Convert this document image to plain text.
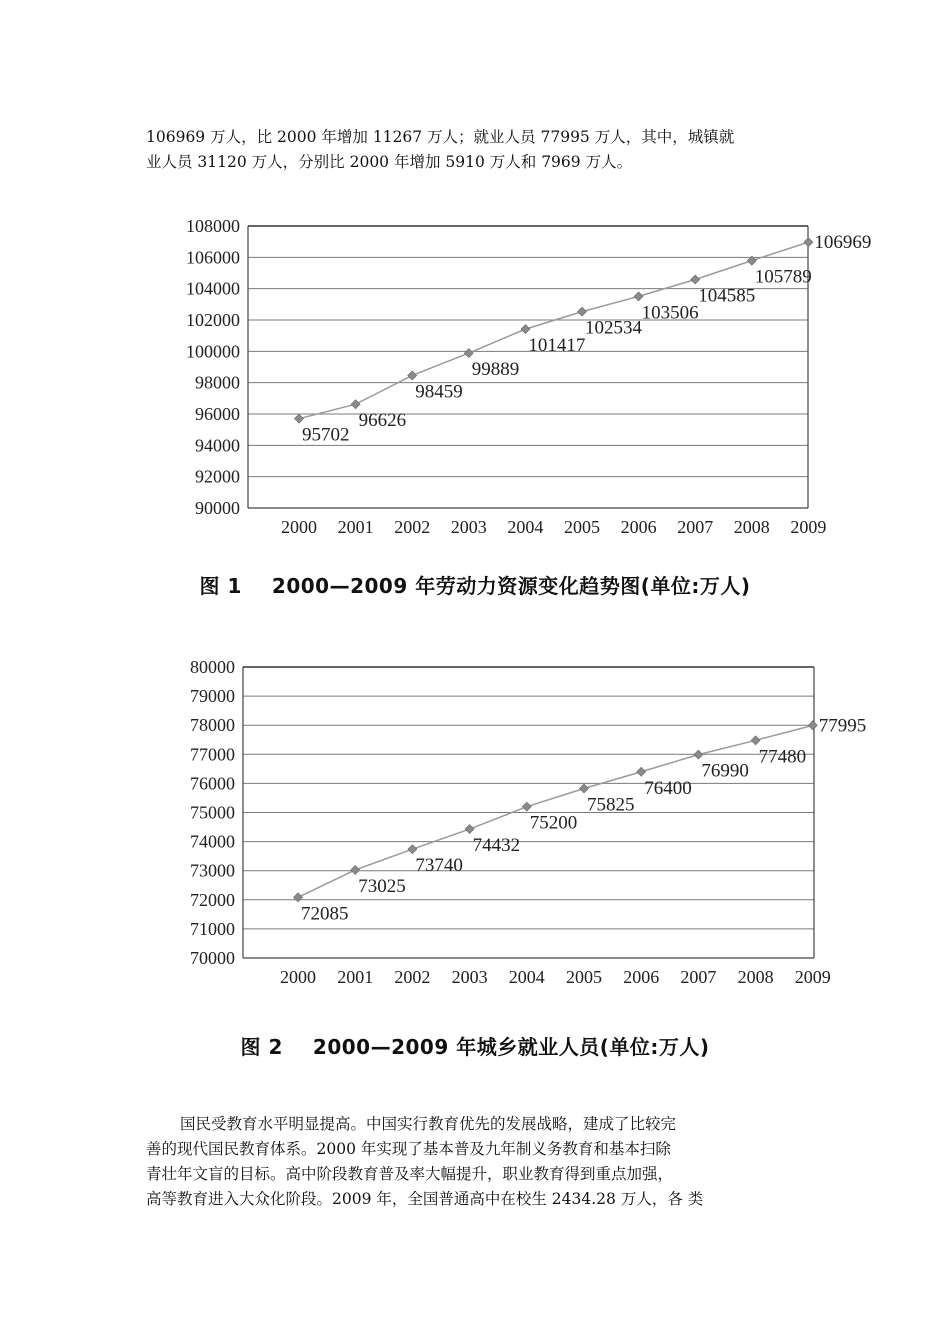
106969 万人，比 2000 年增加 11267 万人；就业人员 77995 万人，其中，城镇就
业人员 31120 万人，分别比 2000 年增加 5910 万人和 7969 万人。
90000
92000
94000
96000
98000
100000
102000
104000
106000
108000
2000 2001 2002 2003 2004 2005 2006 2007 2008 2009
95702
96626
98459
99889
101417
102534
103506
104585
105789
106969
图 1 2000—2009 年劳动力资源变化趋势图(单位:万人)
70000
71000
72000
73000
74000
75000
76000
77000
78000
79000
80000
2000 2001 2002 2003 2004 2005 2006 2007 2008 2009
72085
73025
73740
74432
75200
75825
76400
76990
77480
77995
图 2 2000—2009 年城乡就业人员(单位:万人)
国民受教育水平明显提高。中国实行教育优先的发展战略，建成了比较完
善的现代国民教育体系。2000 年实现了基本普及九年制义务教育和基本扫除
青壮年文盲的目标。高中阶段教育普及率大幅提升，职业教育得到重点加强，
高等教育进入大众化阶段。2009 年，全国普通高中在校生 2434.28 万人，各 类
